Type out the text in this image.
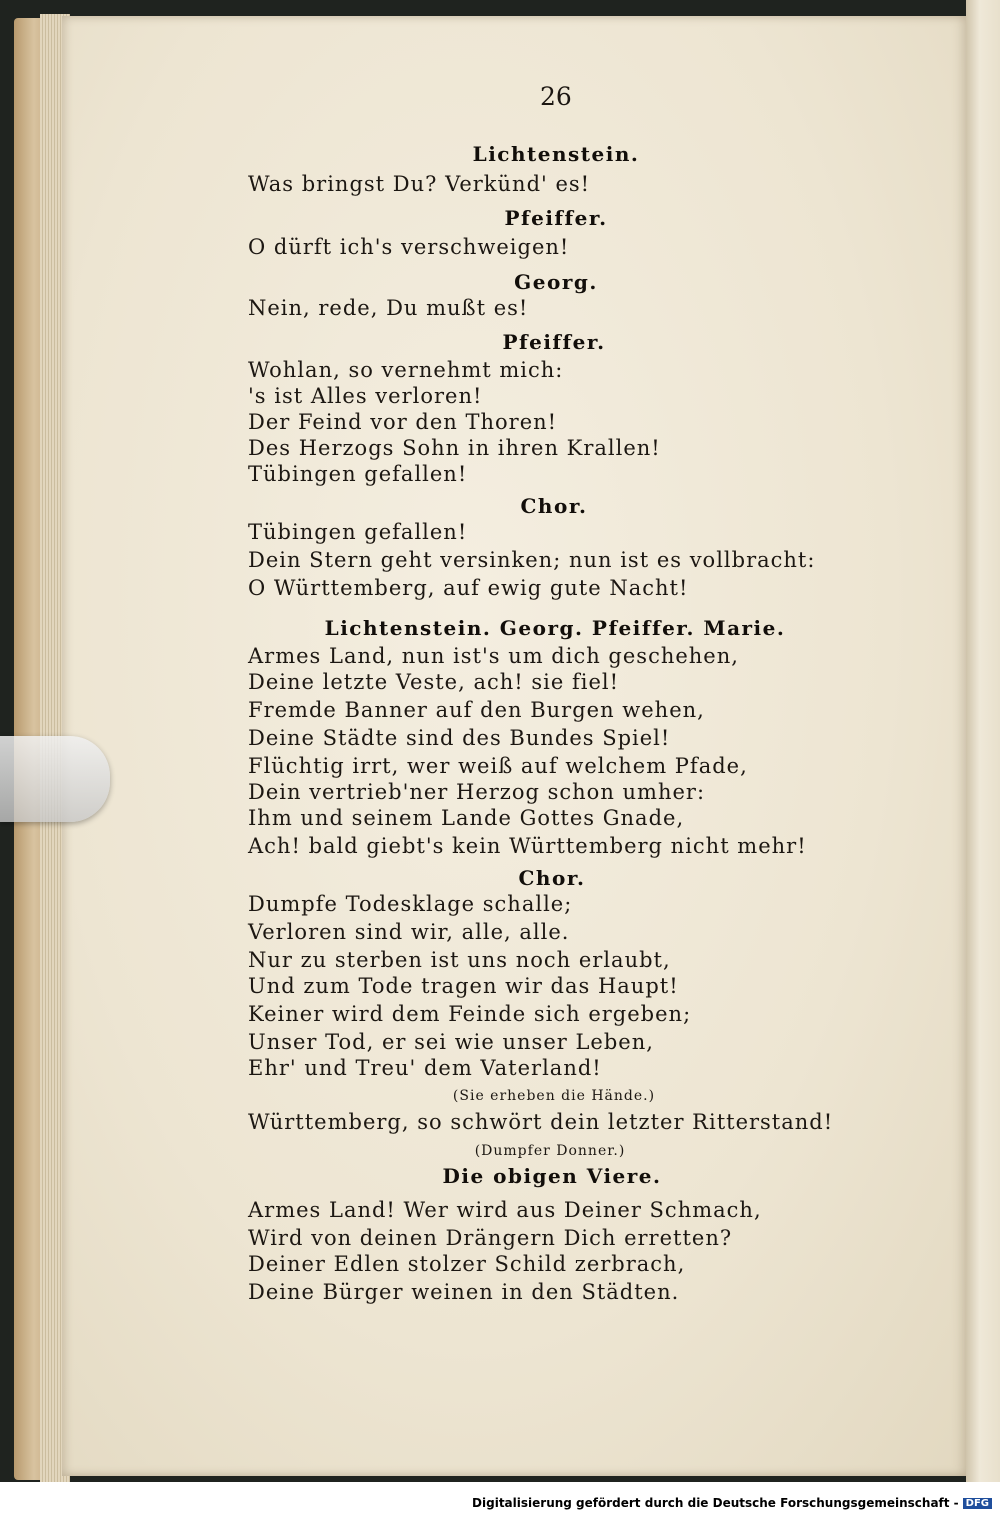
26
Lichtenstein.
Was bringst Du? Verkünd' es!
Pfeiffer.
O dürft ich's verschweigen!
Georg.
Nein, rede, Du mußt es!
Pfeiffer.
Wohlan, so vernehmt mich:
's ist Alles verloren!
Der Feind vor den Thoren!
Des Herzogs Sohn in ihren Krallen!
Tübingen gefallen!
Chor.
Tübingen gefallen!
Dein Stern geht versinken; nun ist es vollbracht:
O Württemberg, auf ewig gute Nacht!
Lichtenstein. Georg. Pfeiffer. Marie.
Armes Land, nun ist's um dich geschehen,
Deine letzte Veste, ach! sie fiel!
Fremde Banner auf den Burgen wehen,
Deine Städte sind des Bundes Spiel!
Flüchtig irrt, wer weiß auf welchem Pfade,
Dein vertrieb'ner Herzog schon umher:
Ihm und seinem Lande Gottes Gnade,
Ach! bald giebt's kein Württemberg nicht mehr!
Chor.
Dumpfe Todesklage schalle;
Verloren sind wir, alle, alle.
Nur zu sterben ist uns noch erlaubt,
Und zum Tode tragen wir das Haupt!
Keiner wird dem Feinde sich ergeben;
Unser Tod, er sei wie unser Leben,
Ehr' und Treu' dem Vaterland!
(Sie erheben die Hände.)
Württemberg, so schwört dein letzter Ritterstand!
(Dumpfer Donner.)
Die obigen Viere.
Armes Land! Wer wird aus Deiner Schmach,
Wird von deinen Drängern Dich erretten?
Deiner Edlen stolzer Schild zerbrach,
Deine Bürger weinen in den Städten.
Digitalisierung gefördert durch die Deutsche Forschungsgemeinschaft - DFG
